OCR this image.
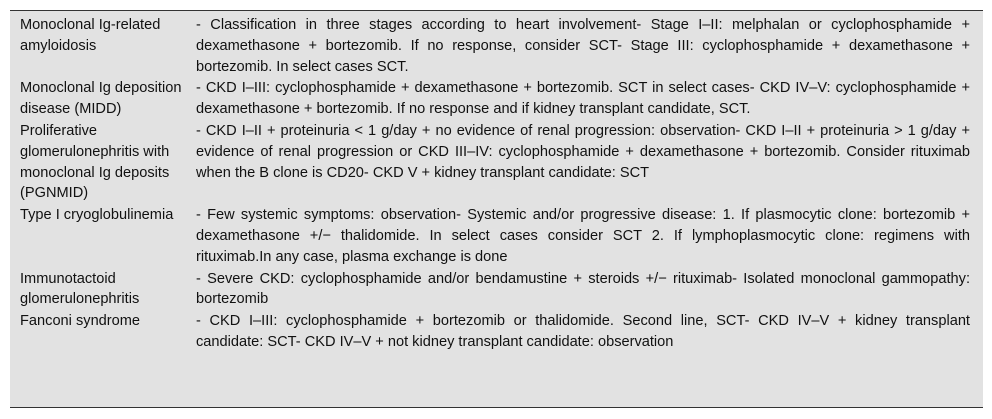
Monoclonal Ig-related amyloidosis	- Classification in three stages according to heart involvement- Stage I–II: melphalan or cyclophosphamide + dexamethasone + bortezomib. If no response, consider SCT- Stage III: cyclophosphamide + dexamethasone + bortezomib. In select cases SCT.
Monoclonal Ig deposition disease (MIDD)	- CKD I–III: cyclophosphamide + dexamethasone + bortezomib. SCT in select cases- CKD IV–V: cyclophosphamide + dexamethasone + bortezomib. If no response and if kidney transplant candidate, SCT.
Proliferative glomerulonephritis with monoclonal Ig deposits (PGNMID)	- CKD I–II + proteinuria < 1 g/day + no evidence of renal progression: observation- CKD I–II + proteinuria > 1 g/day + evidence of renal progression or CKD III–IV: cyclophosphamide + dexamethasone + bortezomib. Consider rituximab when the B clone is CD20- CKD V + kidney transplant candidate: SCT
Type I cryoglobulinemia	- Few systemic symptoms: observation- Systemic and/or progressive disease: 1. If plasmocytic clone: bortezomib + dexamethasone +/− thalidomide. In select cases consider SCT 2. If lymphoplasmocytic clone: regimens with rituximab.In any case, plasma exchange is done
Immunotactoid glomerulonephritis	- Severe CKD: cyclophosphamide and/or bendamustine + steroids +/− rituximab- Isolated monoclonal gammopathy: bortezomib
Fanconi syndrome	- CKD I–III: cyclophosphamide + bortezomib or thalidomide. Second line, SCT- CKD IV–V + kidney transplant candidate: SCT- CKD IV–V + not kidney transplant candidate: observation
